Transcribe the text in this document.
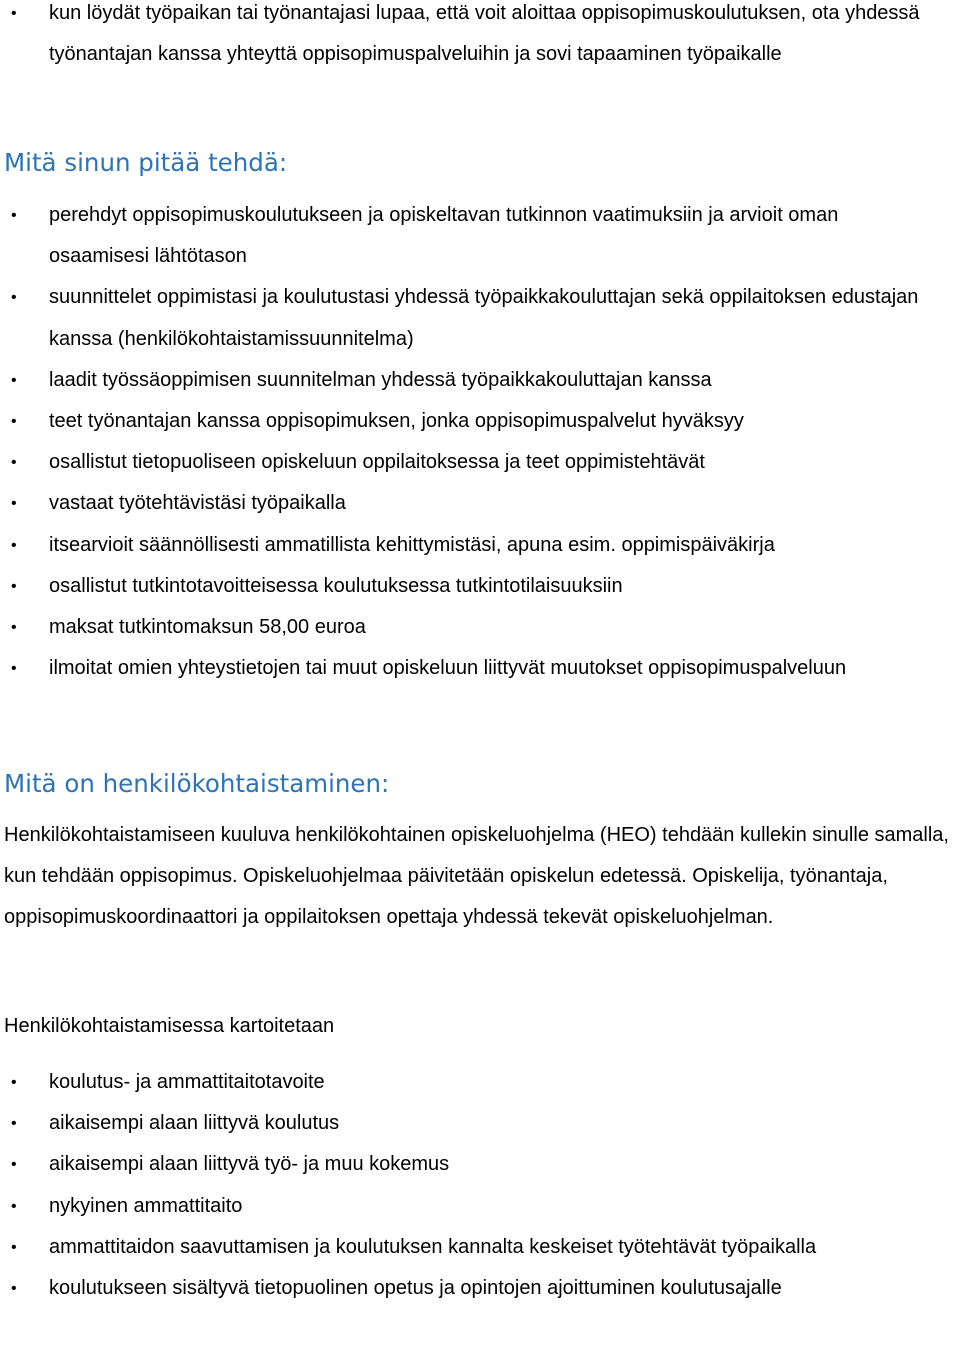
• kun löydät työpaikan tai työnantajasi lupaa, että voit aloittaa oppisopimuskoulutuksen, ota yhdessä työnantajan kanssa yhteyttä oppisopimuspalveluihin ja sovi tapaaminen työpaikalle
Mitä sinun pitää tehdä:
• perehdyt oppisopimuskoulutukseen ja opiskeltavan tutkinnon vaatimuksiin ja arvioit oman osaamisesi lähtötason
• suunnittelet oppimistasi ja koulutustasi yhdessä työpaikkakouluttajan sekä oppilaitoksen edustajan kanssa (henkilökohtaistamissuunnitelma)
• laadit työssäoppimisen suunnitelman yhdessä työpaikkakouluttajan kanssa
• teet työnantajan kanssa oppisopimuksen, jonka oppisopimuspalvelut hyväksyy
• osallistut tietopuoliseen opiskeluun oppilaitoksessa ja teet oppimistehtävät
• vastaat työtehtävistäsi työpaikalla
• itsearvioit säännöllisesti ammatillista kehittymistäsi, apuna esim. oppimispäiväkirja
• osallistut tutkintotavoitteisessa koulutuksessa tutkintotilaisuuksiin
• maksat tutkintomaksun 58,00 euroa
• ilmoitat omien yhteystietojen tai muut opiskeluun liittyvät muutokset oppisopimuspalveluun
Mitä on henkilökohtaistaminen:

Henkilökohtaistamiseen kuuluva henkilökohtainen opiskeluohjelma (HEO) tehdään kullekin sinulle samalla, kun tehdään oppisopimus. Opiskeluohjelmaa päivitetään opiskelun edetessä. Opiskelija, työnantaja, oppisopimuskoordinaattori ja oppilaitoksen opettaja yhdessä tekevät opiskeluohjelman.

Henkilökohtaistamisessa kartoitetaan

• koulutus- ja ammattitaitotavoite
• aikaisempi alaan liittyvä koulutus
• aikaisempi alaan liittyvä työ- ja muu kokemus
• nykyinen ammattitaito
• ammattitaidon saavuttamisen ja koulutuksen kannalta keskeiset työtehtävät työpaikalla
• koulutukseen sisältyvä tietopuolinen opetus ja opintojen ajoittuminen koulutusajalle
